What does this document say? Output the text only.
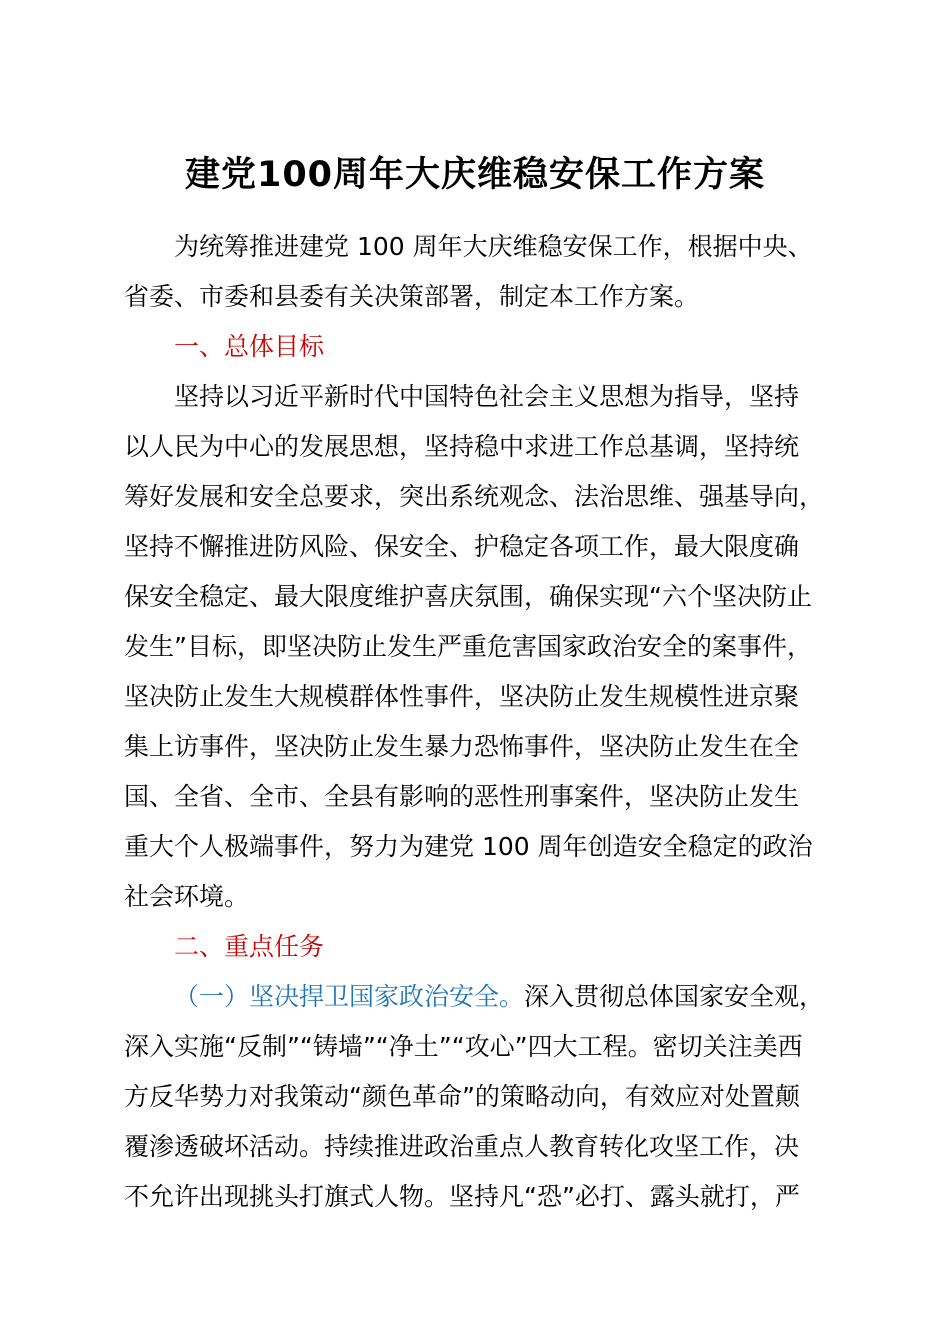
建党100周年大庆维稳安保工作方案
为统筹推进建党 100 周年大庆维稳安保工作，根据中央、
省委、市委和县委有关决策部署，制定本工作方案。
一、总体目标
坚持以习近平新时代中国特色社会主义思想为指导，坚持
以人民为中心的发展思想，坚持稳中求进工作总基调，坚持统
筹好发展和安全总要求，突出系统观念、法治思维、强基导向，
坚持不懈推进防风险、保安全、护稳定各项工作，最大限度确
保安全稳定、最大限度维护喜庆氛围，确保实现“六个坚决防止
发生”目标，即坚决防止发生严重危害国家政治安全的案事件，
坚决防止发生大规模群体性事件，坚决防止发生规模性进京聚
集上访事件，坚决防止发生暴力恐怖事件，坚决防止发生在全
国、全省、全市、全县有影响的恶性刑事案件，坚决防止发生
重大个人极端事件，努力为建党 100 周年创造安全稳定的政治
社会环境。
二、重点任务
（一）坚决捍卫国家政治安全。深入贯彻总体国家安全观，
深入实施“反制”“铸墙”“净土”“攻心”四大工程。密切关注美西
方反华势力对我策动“颜色革命”的策略动向，有效应对处置颠
覆渗透破坏活动。持续推进政治重点人教育转化攻坚工作，决
不允许出现挑头打旗式人物。坚持凡“恐”必打、露头就打，严
